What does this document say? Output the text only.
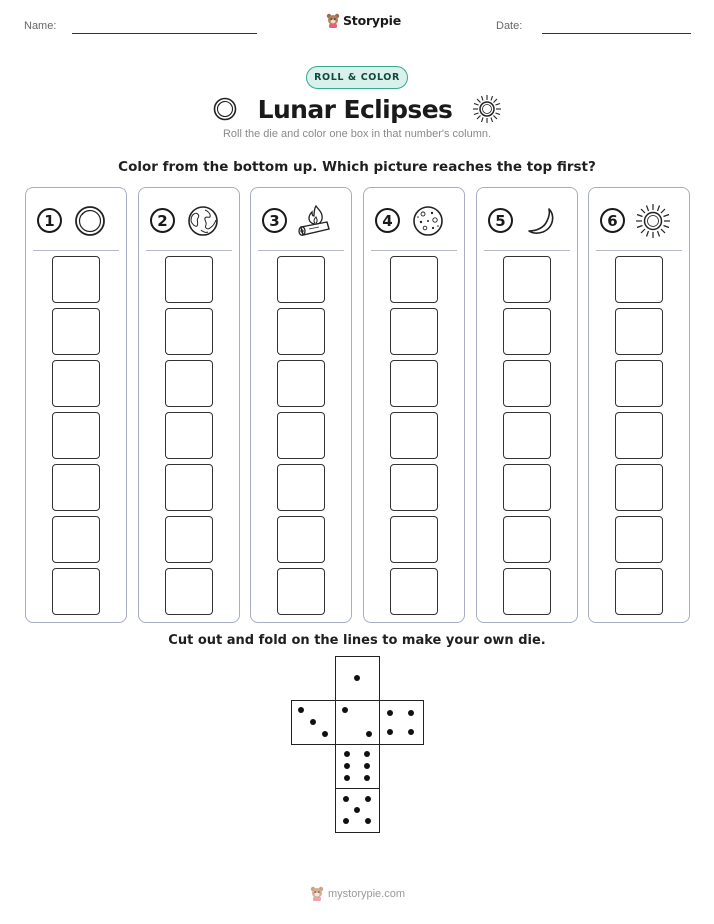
Name:	Date:
Storypie
ROLL & COLOR
Lunar Eclipses
Roll the die and color one box in that number's column.
Color from the bottom up. Which picture reaches the top first?
1	2	3	4	5	6
Cut out and fold on the lines to make your own die.
mystorypie.com
